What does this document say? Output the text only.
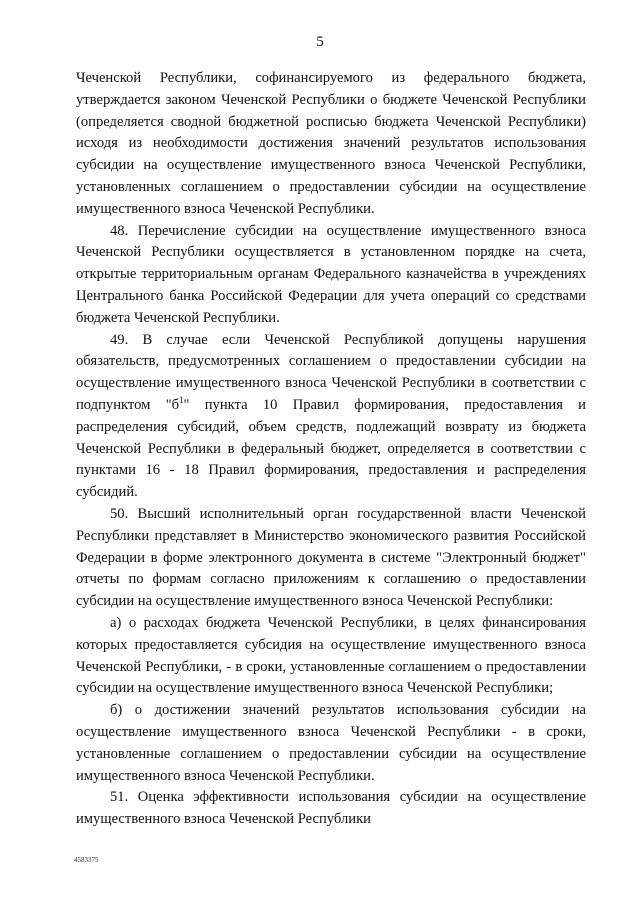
5

Чеченской Республики, софинансируемого из федерального бюджета, утверждается законом Чеченской Республики о бюджете Чеченской Республики (определяется сводной бюджетной росписью бюджета Чеченской Республики) исходя из необходимости достижения значений результатов использования субсидии на осуществление имущественного взноса Чеченской Республики, установленных соглашением о предоставлении субсидии на осуществление имущественного взноса Чеченской Республики.

48. Перечисление субсидии на осуществление имущественного взноса Чеченской Республики осуществляется в установленном порядке на счета, открытые территориальным органам Федерального казначейства в учреждениях Центрального банка Российской Федерации для учета операций со средствами бюджета Чеченской Республики.

49. В случае если Чеченской Республикой допущены нарушения обязательств, предусмотренных соглашением о предоставлении субсидии на осуществление имущественного взноса Чеченской Республики в соответствии с подпунктом "$б^1$" пункта 10 Правил формирования, предоставления и распределения субсидий, объем средств, подлежащий возврату из бюджета Чеченской Республики в федеральный бюджет, определяется в соответствии с пунктами 16 - 18 Правил формирования, предоставления и распределения субсидий.

50. Высший исполнительный орган государственной власти Чеченской Республики представляет в Министерство экономического развития Российской Федерации в форме электронного документа в системе "Электронный бюджет" отчеты по формам согласно приложениям к соглашению о предоставлении субсидии на осуществление имущественного взноса Чеченской Республики:

а) о расходах бюджета Чеченской Республики, в целях финансирования которых предоставляется субсидия на осуществление имущественного взноса Чеченской Республики, - в сроки, установленные соглашением о предоставлении субсидии на осуществление имущественного взноса Чеченской Республики;

б) о достижении значений результатов использования субсидии на осуществление имущественного взноса Чеченской Республики - в сроки, установленные соглашением о предоставлении субсидии на осуществление имущественного взноса Чеченской Республики.

51. Оценка эффективности использования субсидии на осуществление имущественного взноса Чеченской Республики

4583375
